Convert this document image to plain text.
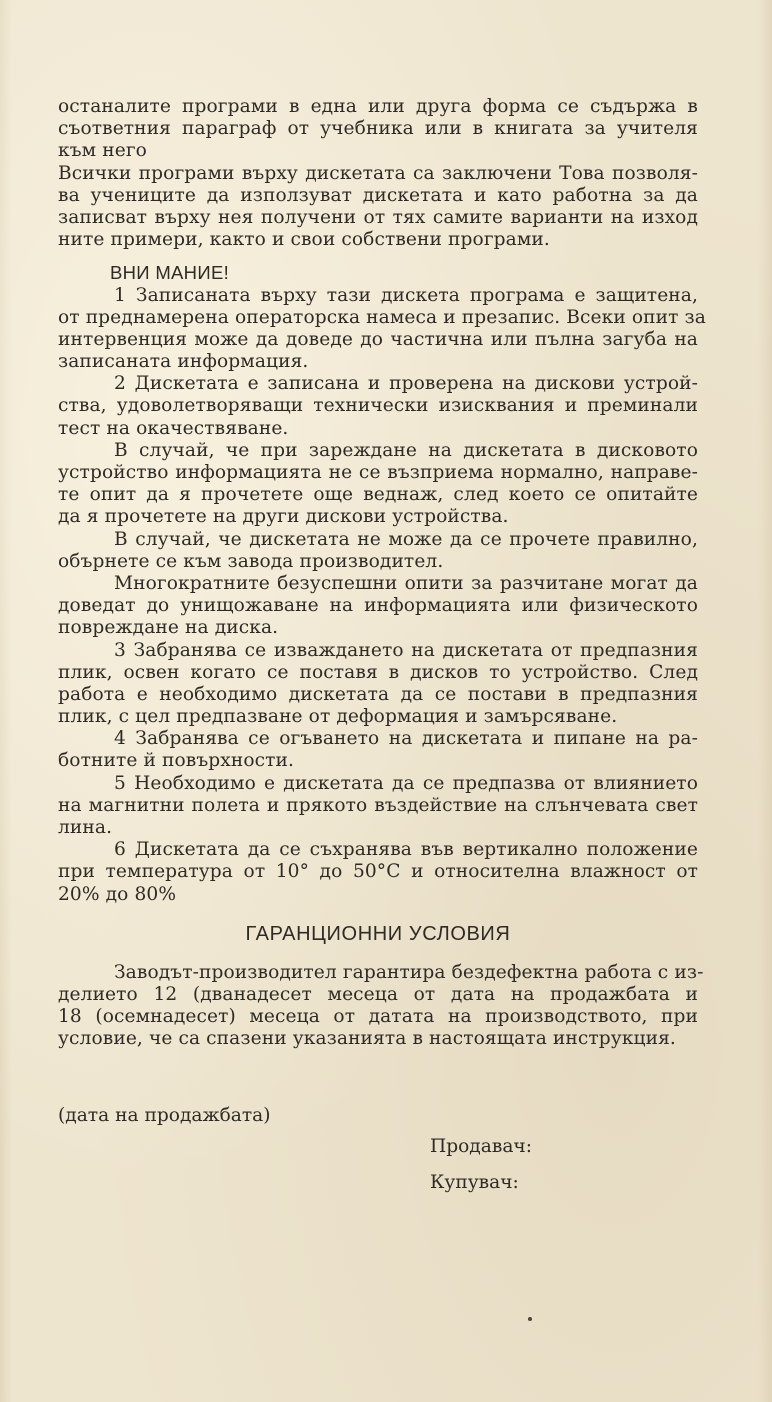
останалите програми в една или друга форма се съдържа в
съответния параграф от учебника или в книгата за учителя
към него
Всички програми върху дискетата са заключени Това позволя-
ва учениците да използуват дискетата и като работна за да
записват върху нея получени от тях самите варианти на изход
ните примери, както и свои собствени програми.
ВНИ МАНИЕ!
1 Записаната върху тази дискета програма е защитена,
от преднамерена операторска намеса и презапис. Всеки опит за
интервенция може да доведе до частична или пълна загуба на
записаната информация.
2 Дискетата е записана и проверена на дискови устрой-
ства, удоволетворяващи технически изисквания и преминали
тест на окачествяване.
В случай, че при зареждане на дискетата в дисковото
устройство информацията не се възприема нормално, направе-
те опит да я прочетете още веднаж, след което се опитайте
да я прочетете на други дискови устройства.
В случай, че дискетата не може да се прочете правилно,
обърнете се към завода производител.
Многократните безуспешни опити за разчитане могат да
доведат до унищожаване на информацията или физическото
повреждане на диска.
3 Забранява се изваждането на дискетата от предпазния
плик, освен когато се поставя в дисков то устройство. След
работа е необходимо дискетата да се постави в предпазния
плик, с цел предпазване от деформация и замърсяване.
4 Забранява се огъването на дискетата и пипане на ра-
ботните й повърхности.
5 Необходимо е дискетата да се предпазва от влиянието
на магнитни полета и прякото въздействие на слънчевата свет
лина.
6 Дискетата да се съхранява във вертикално положение
при температура от 10° до 50°С и относителна влажност от
20% до 80%
ГАРАНЦИОННИ УСЛОВИЯ
Заводът-производител гарантира бездефектна работа с из-
делието 12 (дванадесет месеца от дата на продажбата и
18 (осемнадесет) месеца от датата на производството, при
условие, че са спазени указанията в настоящата инструкция.
(дата на продажбата)
Продавач:
Купувач:
